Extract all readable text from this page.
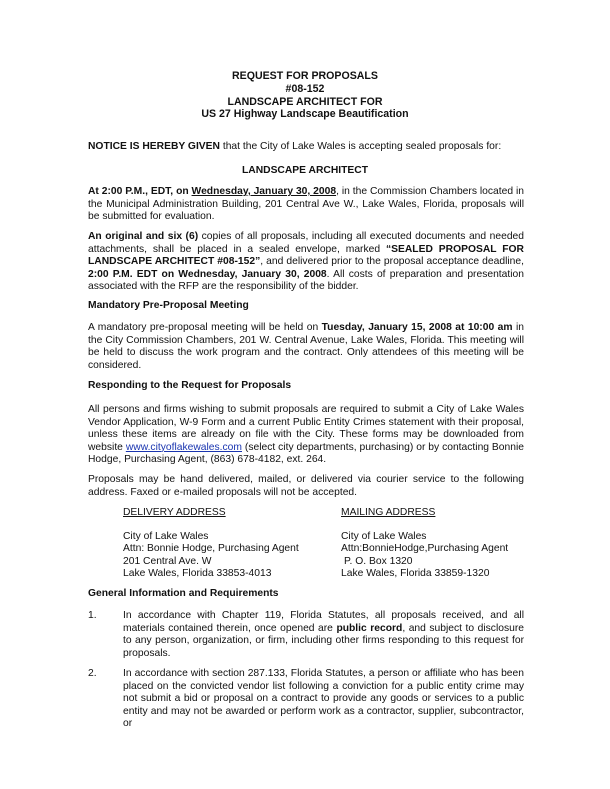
REQUEST FOR PROPOSALS
#08-152
LANDSCAPE ARCHITECT FOR
US 27 Highway Landscape Beautification
NOTICE IS HEREBY GIVEN that the City of Lake Wales is accepting sealed proposals for:
LANDSCAPE ARCHITECT
At 2:00 P.M., EDT, on Wednesday, January 30, 2008, in the Commission Chambers located in the Municipal Administration Building, 201 Central Ave W., Lake Wales, Florida, proposals will be submitted for evaluation.
An original and six (6) copies of all proposals, including all executed documents and needed attachments, shall be placed in a sealed envelope, marked “SEALED PROPOSAL FOR LANDSCAPE ARCHITECT #08-152”, and delivered prior to the proposal acceptance deadline, 2:00 P.M. EDT on Wednesday, January 30, 2008. All costs of preparation and presentation associated with the RFP are the responsibility of the bidder.
Mandatory Pre-Proposal Meeting
A mandatory pre-proposal meeting will be held on Tuesday, January 15, 2008 at 10:00 am in the City Commission Chambers, 201 W. Central Avenue, Lake Wales, Florida. This meeting will be held to discuss the work program and the contract. Only attendees of this meeting will be considered.
Responding to the Request for Proposals
All persons and firms wishing to submit proposals are required to submit a City of Lake Wales Vendor Application, W-9 Form and a current Public Entity Crimes statement with their proposal, unless these items are already on file with the City. These forms may be downloaded from website www.cityoflakewales.com (select city departments, purchasing) or by contacting Bonnie Hodge, Purchasing Agent, (863) 678-4182, ext. 264.
Proposals may be hand delivered, mailed, or delivered via courier service to the following address. Faxed or e-mailed proposals will not be accepted.
DELIVERY ADDRESS
City of Lake Wales
Attn: Bonnie Hodge, Purchasing Agent
201 Central Ave. W
Lake Wales, Florida 33853-4013
MAILING ADDRESS
City of Lake Wales
Attn:BonnieHodge,Purchasing Agent
P. O. Box 1320
Lake Wales, Florida 33859-1320
General Information and Requirements
1.	In accordance with Chapter 119, Florida Statutes, all proposals received, and all materials contained therein, once opened are public record, and subject to disclosure to any person, organization, or firm, including other firms responding to this request for proposals.
2.	In accordance with section 287.133, Florida Statutes, a person or affiliate who has been placed on the convicted vendor list following a conviction for a public entity crime may not submit a bid or proposal on a contract to provide any goods or services to a public entity and may not be awarded or perform work as a contractor, supplier, subcontractor, or
